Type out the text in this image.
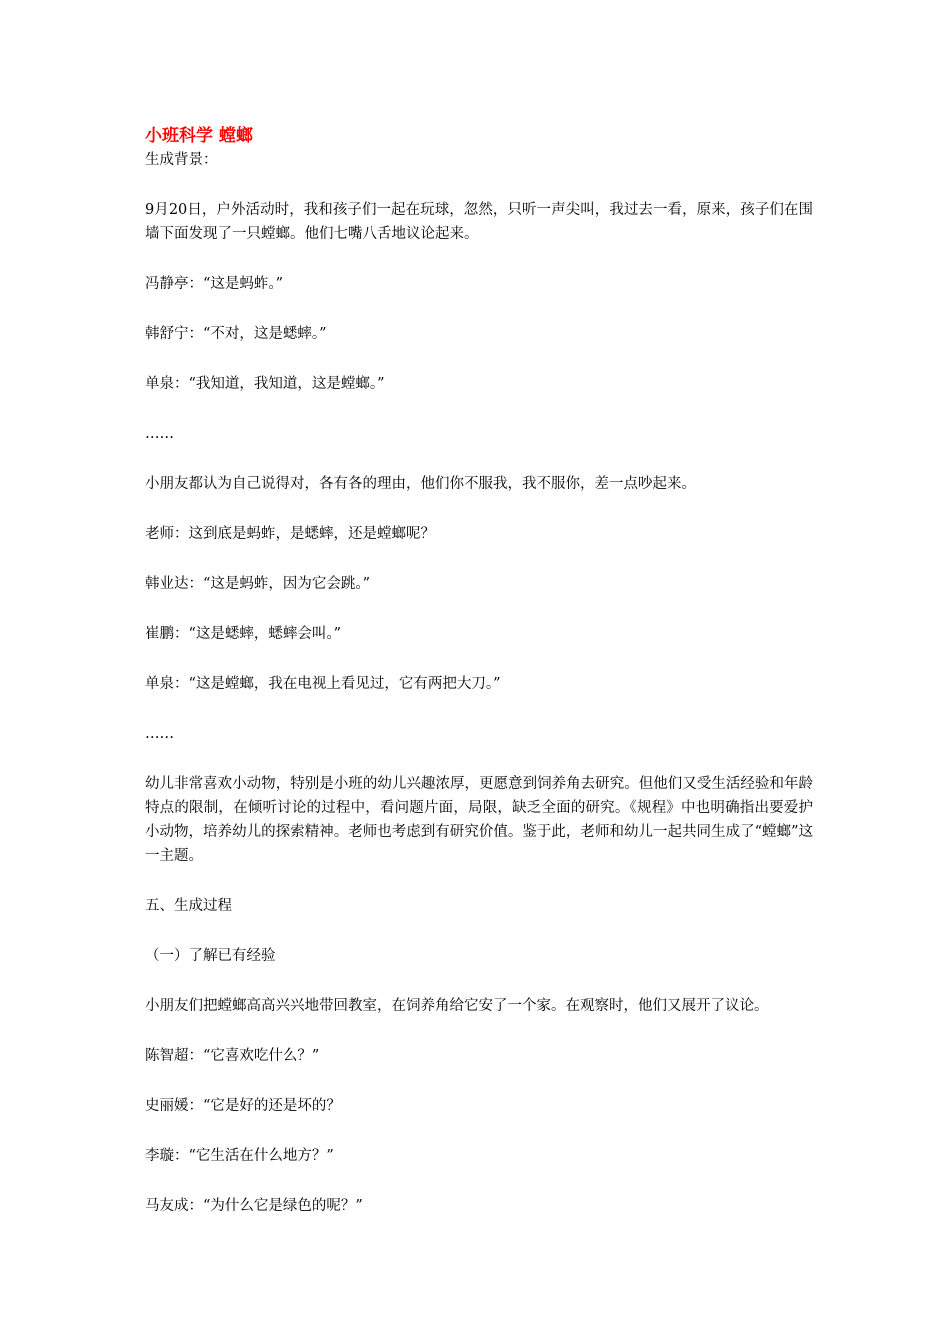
小班科学 螳螂

生成背景：

9月20日，户外活动时，我和孩子们一起在玩球，忽然，只听一声尖叫，我过去一看，原来，孩子们在围墙下面发现了一只螳螂。他们七嘴八舌地议论起来。

冯静亭：“这是蚂蚱。”

韩舒宁：“不对，这是蟋蟀。”

单泉：“我知道，我知道，这是螳螂。”

……

小朋友都认为自己说得对，各有各的理由，他们你不服我，我不服你，差一点吵起来。

老师：这到底是蚂蚱，是蟋蟀，还是螳螂呢？

韩业达：“这是蚂蚱，因为它会跳。”

崔鹏：“这是蟋蟀，蟋蟀会叫。”

单泉：“这是螳螂，我在电视上看见过，它有两把大刀。”

……

幼儿非常喜欢小动物，特别是小班的幼儿兴趣浓厚，更愿意到饲养角去研究。但他们又受生活经验和年龄特点的限制，在倾听讨论的过程中，看问题片面，局限，缺乏全面的研究。《规程》中也明确指出要爱护小动物，培养幼儿的探索精神。老师也考虑到有研究价值。鉴于此，老师和幼儿一起共同生成了“螳螂”这一主题。

五、生成过程

（一）了解已有经验

小朋友们把螳螂高高兴兴地带回教室，在饲养角给它安了一个家。在观察时，他们又展开了议论。

陈智超：“它喜欢吃什么？”

史丽媛：“它是好的还是坏的？

李璇：“它生活在什么地方？”

马友成：“为什么它是绿色的呢？”
